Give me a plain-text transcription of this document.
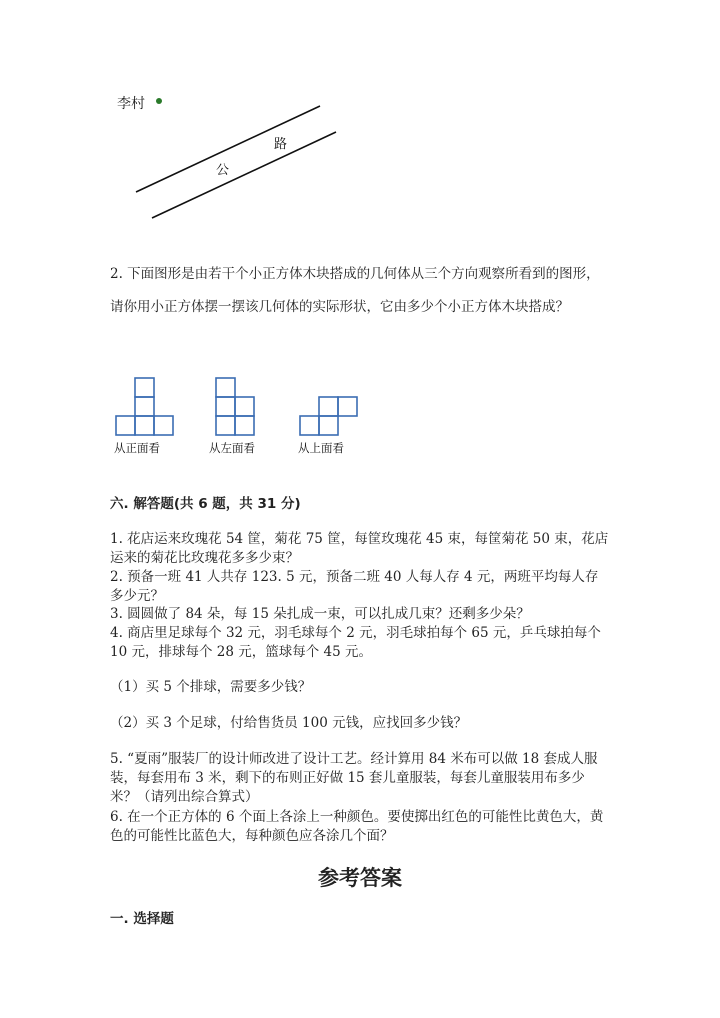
李村
公
路
2. 下面图形是由若干个小正方体木块搭成的几何体从三个方向观察所看到的图形，请你用小正方体摆一摆该几何体的实际形状，它由多少个小正方体木块搭成？
从正面看	从左面看	从上面看
六. 解答题(共 6 题，共 31 分)
1. 花店运来玫瑰花 54 筐，菊花 75 筐，每筐玫瑰花 45 束，每筐菊花 50 束，花店运来的菊花比玫瑰花多多少束？
2. 预备一班 41 人共存 123. 5 元，预备二班 40 人每人存 4 元，两班平均每人存多少元？
3. 圆圆做了 84 朵，每 15 朵扎成一束，可以扎成几束？还剩多少朵？
4. 商店里足球每个 32 元，羽毛球每个 2 元，羽毛球拍每个 65 元，乒乓球拍每个 10 元，排球每个 28 元，篮球每个 45 元。
（1）买 5 个排球，需要多少钱？
（2）买 3 个足球，付给售货员 100 元钱，应找回多少钱？
5. “夏雨”服装厂的设计师改进了设计工艺。经计算用 84 米布可以做 18 套成人服装，每套用布 3 米，剩下的布则正好做 15 套儿童服装，每套儿童服装用布多少米？（请列出综合算式）
6. 在一个正方体的 6 个面上各涂上一种颜色。要使掷出红色的可能性比黄色大，黄色的可能性比蓝色大，每种颜色应各涂几个面？
参考答案
一. 选择题
